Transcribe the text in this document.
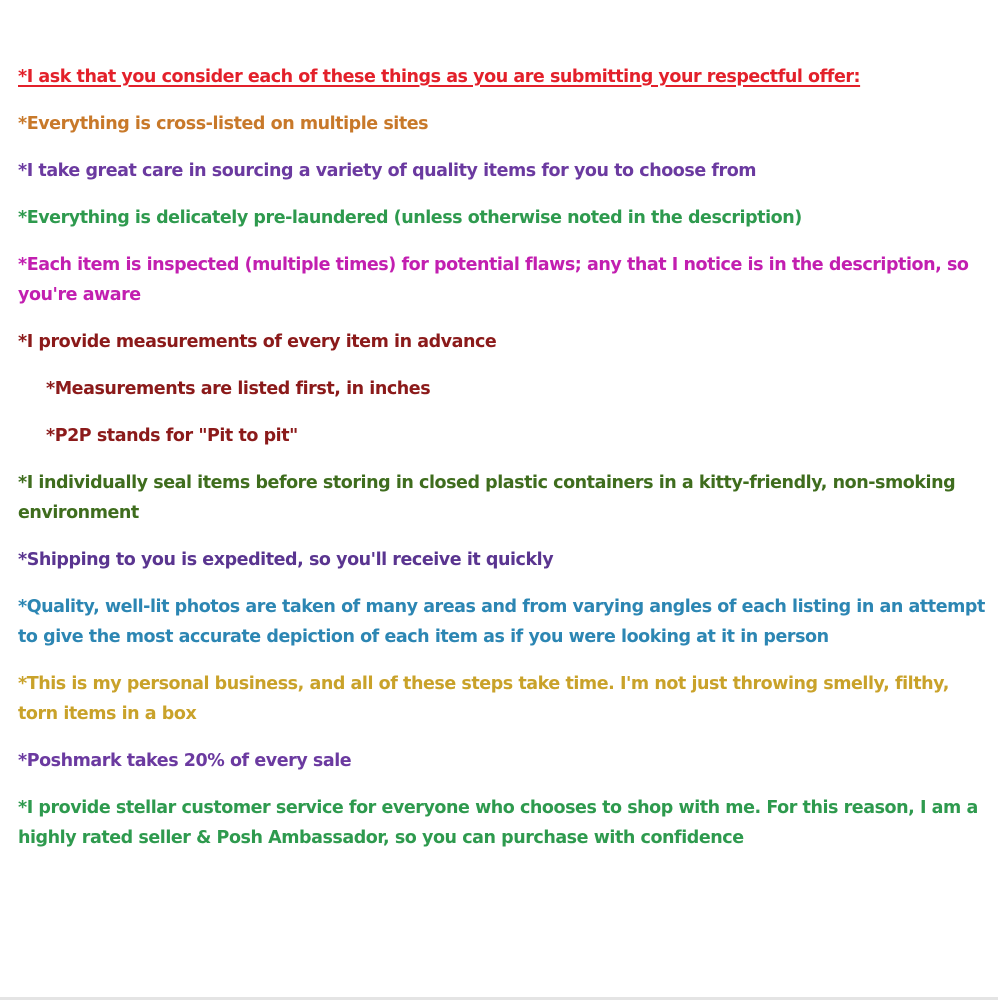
*I ask that you consider each of these things as you are submitting your respectful offer:
*Everything is cross-listed on multiple sites
*I take great care in sourcing a variety of quality items for you to choose from
*Everything is delicately pre-laundered (unless otherwise noted in the description)
*Each item is inspected (multiple times) for potential flaws; any that I notice is in the description, so you're aware
*I provide measurements of every item in advance
*Measurements are listed first, in inches
*P2P stands for "Pit to pit"
*I individually seal items before storing in closed plastic containers in a kitty-friendly, non-smoking environment
*Shipping to you is expedited, so you'll receive it quickly
*Quality, well-lit photos are taken of many areas and from varying angles of each listing in an attempt to give the most accurate depiction of each item as if you were looking at it in person
*This is my personal business, and all of these steps take time. I'm not just throwing smelly, filthy, torn items in a box
*Poshmark takes 20% of every sale
*I provide stellar customer service for everyone who chooses to shop with me. For this reason, I am a highly rated seller & Posh Ambassador, so you can purchase with confidence
